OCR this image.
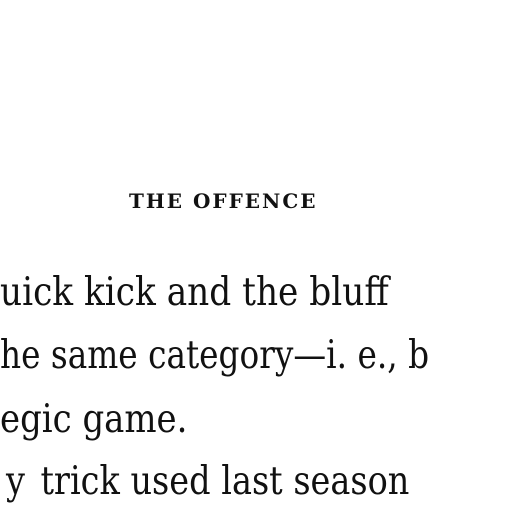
THE OFFENCE
uick kick and the bluff
he same category—i. e., b
egic game.
y trick used last season
